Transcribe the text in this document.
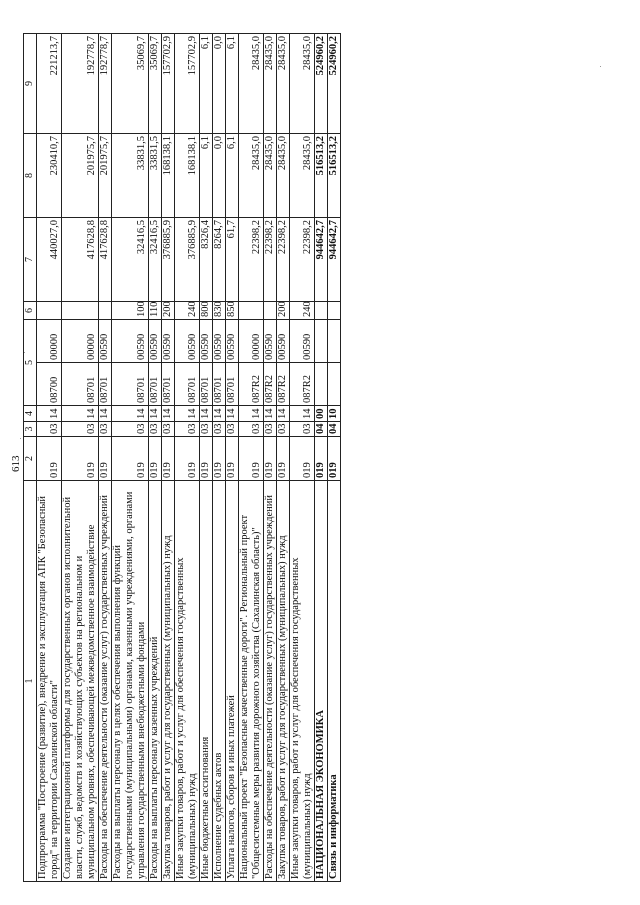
613
1	2	3	4	5		6	7	8	9
Подпрограмма "Построение (развитие), внедрение и эксплуатация АПК "Безопасный город" на территории Сахалинской области"	019	03	14	08700	00000		440027,0	230410,7	221213,7
Создание интеграционной платформы для государственных органов исполнительной власти, служб, ведомств и хозяйствующих субъектов на региональном и муниципальном уровнях, обеспечивающей межведомственное взаимодействие	019	03	14	08701	00000		417628,8	201975,7	192778,7
Расходы на обеспечение деятельности (оказание услуг) государственных учреждений	019	03	14	08701	00590		417628,8	201975,7	192778,7
Расходы на выплаты персоналу в целях обеспечения выполнения функций государственными (муниципальными) органами, казенными учреждениями, органами управления государственными внебюджетными фондами	019	03	14	08701	00590	100	32416,5	33831,5	35069,7
Расходы на выплаты персоналу казенных учреждений	019	03	14	08701	00590	110	32416,5	33831,5	35069,7
Закупка товаров, работ и услуг для государственных (муниципальных) нужд	019	03	14	08701	00590	200	376885,9	168138,1	157702,9
Иные закупки товаров, работ и услуг для обеспечения государственных (муниципальных) нужд	019	03	14	08701	00590	240	376885,9	168138,1	157702,9
Иные бюджетные ассигнования	019	03	14	08701	00590	800	8326,4	6,1	6,1
Исполнение судебных актов	019	03	14	08701	00590	830	8264,7	0,0	0,0
Уплата налогов, сборов и иных платежей	019	03	14	08701	00590	850	61,7	6,1	6,1
Национальный проект "Безопасные качественные дороги". Региональный проект "Общесистемные меры развития дорожного хозяйства (Сахалинская область)"	019	03	14	087R2	00000		22398,2	28435,0	28435,0
Расходы на обеспечение деятельности (оказание услуг) государственных учреждений	019	03	14	087R2	00590		22398,2	28435,0	28435,0
Закупка товаров, работ и услуг для государственных (муниципальных) нужд	019	03	14	087R2	00590	200	22398,2	28435,0	28435,0
Иные закупки товаров, работ и услуг для обеспечения государственных (муниципальных) нужд	019	03	14	087R2	00590	240	22398,2	28435,0	28435,0
НАЦИОНАЛЬНАЯ ЭКОНОМИКА	019	04	00				944642,7	516513,2	524960,2
Связь и информатика	019	04	10				944642,7	516513,2	524960,2
